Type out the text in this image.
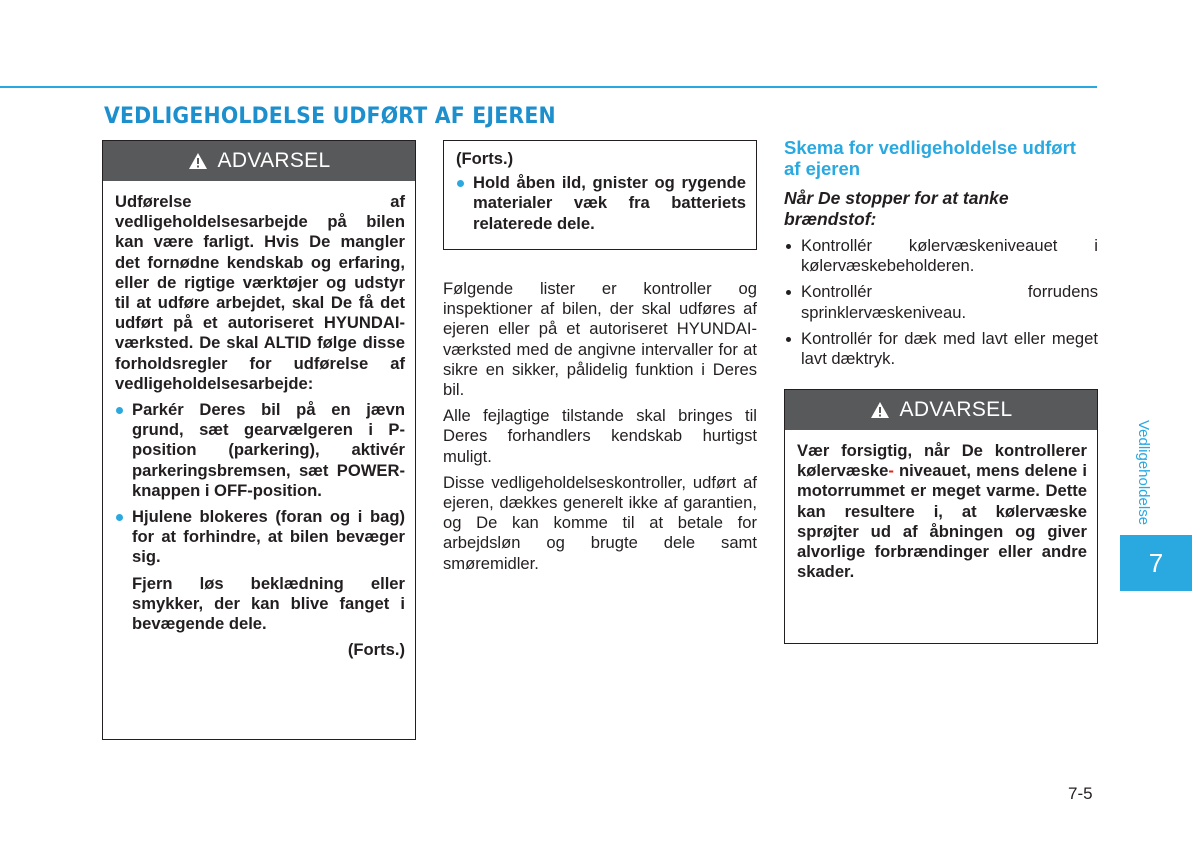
VEDLIGEHOLDELSE UDFØRT AF EJEREN
ADVARSEL
Udførelse af vedligeholdelsesarbejde på bilen kan være farligt. Hvis De mangler det fornødne kendskab og erfaring, eller de rigtige værktøjer og udstyr til at udføre arbejdet, skal De få det udført på et autoriseret HYUNDAI-værksted. De skal ALTID følge disse forholdsregler for udførelse af vedligeholdelsesarbejde:
Parkér Deres bil på en jævn grund, sæt gearvælgeren i P-position (parkering), aktivér parkeringsbremsen, sæt POWER-knappen i OFF-position.
Hjulene blokeres (foran og i bag) for at forhindre, at bilen bevæger sig.
Fjern løs beklædning eller smykker, der kan blive fanget i bevægende dele.
(Forts.)
(Forts.)
Hold åben ild, gnister og rygende materialer væk fra batteriets relaterede dele.

Følgende lister er kontroller og inspektioner af bilen, der skal udføres af ejeren eller på et autoriseret HYUNDAI-værksted med de angivne intervaller for at sikre en sikker, pålidelig funktion i Deres bil.

Alle fejlagtige tilstande skal bringes til Deres forhandlers kendskab hurtigst muligt.

Disse vedligeholdelseskontroller, udført af ejeren, dækkes generelt ikke af garantien, og De kan komme til at betale for arbejdsløn og brugte dele samt smøremidler.

Skema for vedligeholdelse udført af ejeren
Når De stopper for at tanke brændstof:
Kontrollér kølervæskeniveauet i kølervæskebeholderen.
Kontrollér forrudens sprinklervæskeniveau.
Kontrollér for dæk med lavt eller meget lavt dæktryk.
ADVARSEL
Vær forsigtig, når De kontrollerer kølervæske- niveauet, mens delene i motorrummet er meget varme. Dette kan resultere i, at kølervæske sprøjter ud af åbningen og giver alvorlige forbrændinger eller andre skader.
Vedligeholdelse
7
7-5
